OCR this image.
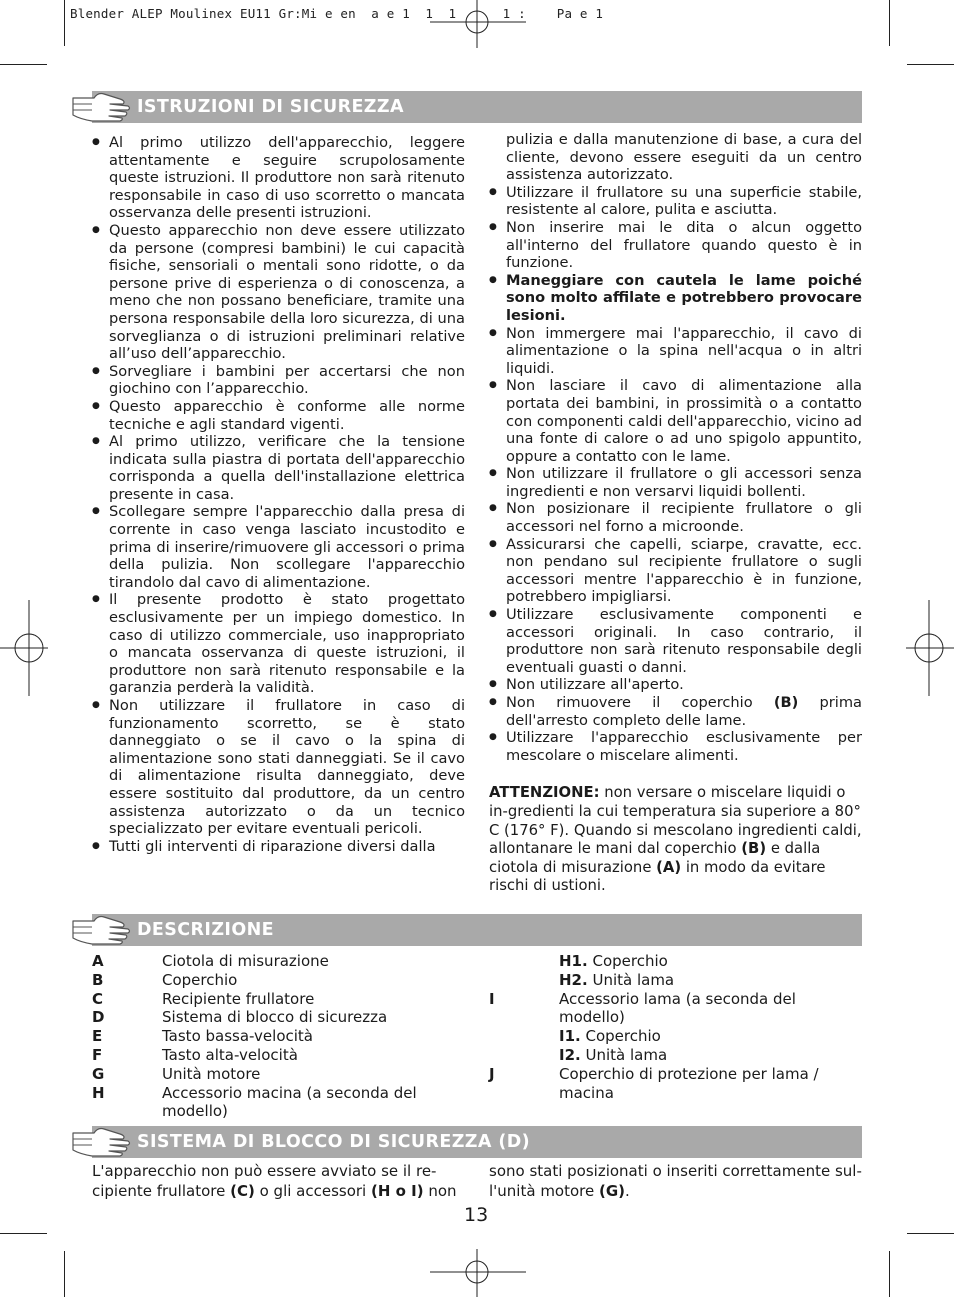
Blender ALEP Moulinex EU11 Gr:Mi e en  a e 1  1  1      1 :    Pa e 1
ISTRUZIONI DI SICUREZZA
● Al primo utilizzo dell'apparecchio, leggere attentamente e seguire scrupolosamente queste istruzioni. Il produttore non sarà ritenuto responsabile in caso di uso scorretto o mancata osservanza delle presenti istruzioni.
● Questo apparecchio non deve essere utilizzato da persone (compresi bambini) le cui capacità fisiche, sensoriali o mentali sono ridotte, o da persone prive di esperienza o di conoscenza, a meno che non possano beneficiare, tramite una persona responsabile della loro sicurezza, di una sorveglianza o di istruzioni preliminari relative all’uso dell’apparecchio.
● Sorvegliare i bambini per accertarsi che non giochino con l’apparecchio.
● Questo apparecchio è conforme alle norme tecniche e agli standard vigenti.
● Al primo utilizzo, verificare che la tensione indicata sulla piastra di portata dell'apparecchio corrisponda a quella dell'installazione elettrica presente in casa.
● Scollegare sempre l'apparecchio dalla presa di corrente in caso venga lasciato incustodito e prima di inserire/rimuovere gli accessori o prima della pulizia. Non scollegare l'apparecchio tirandolo dal cavo di alimentazione.
● Il presente prodotto è stato progettato esclusivamente per un impiego domestico. In caso di utilizzo commerciale, uso inappropriato o mancata osservanza di queste istruzioni, il produttore non sarà ritenuto responsabile e la garanzia perderà la validità.
● Non utilizzare il frullatore in caso di funzionamento scorretto, se è stato danneggiato o se il cavo o la spina di alimentazione sono stati danneggiati. Se il cavo di alimentazione risulta danneggiato, deve essere sostituito dal produttore, da un centro assistenza autorizzato o da un tecnico specializzato per evitare eventuali pericoli.
● Tutti gli interventi di riparazione diversi dalla

pulizia e dalla manutenzione di base, a cura del cliente, devono essere eseguiti da un centro assistenza autorizzato.

● Utilizzare il frullatore su una superficie stabile, resistente al calore, pulita e asciutta.
● Non inserire mai le dita o alcun oggetto all'interno del frullatore quando questo è in funzione.
● Maneggiare con cautela le lame poiché sono molto affilate e potrebbero provocare lesioni.
● Non immergere mai l'apparecchio, il cavo di alimentazione o la spina nell'acqua o in altri liquidi.
● Non lasciare il cavo di alimentazione alla portata dei bambini, in prossimità o a contatto con componenti caldi dell'apparecchio, vicino ad una fonte di calore o ad uno spigolo appuntito, oppure a contatto con le lame.
● Non utilizzare il frullatore o gli accessori senza ingredienti e non versarvi liquidi bollenti.
● Non posizionare il recipiente frullatore o gli accessori nel forno a microonde.
● Assicurarsi che capelli, sciarpe, cravatte, ecc. non pendano sul recipiente frullatore o sugli accessori mentre l'apparecchio è in funzione, potrebbero impigliarsi.
● Utilizzare esclusivamente componenti e accessori originali. In caso contrario, il produttore non sarà ritenuto responsabile degli eventuali guasti o danni.
● Non utilizzare all'aperto.
● Non rimuovere il coperchio (B) prima dell'arresto completo delle lame.
● Utilizzare l'apparecchio esclusivamente per mescolare o miscelare alimenti.

ATTENZIONE: non versare o miscelare liquidi o in-gredienti la cui temperatura sia superiore a 80° C (176° F). Quando si mescolano ingredienti caldi, allontanare le mani dal coperchio (B) e dalla ciotola di misurazione (A) in modo da evitare rischi di ustioni.

DESCRIZIONE
A	Ciotola di misurazione
B	Coperchio
C	Recipiente frullatore
D	Sistema di blocco di sicurezza
E	Tasto bassa-velocità
F	Tasto alta-velocità
G	Unità motore
H	Accessorio macina (a seconda del modello)
H1. Coperchio
H2. Unità lama
I	Accessorio lama (a seconda del modello)
I1. Coperchio
I2. Unità lama
J	Coperchio di protezione per lama / macina
SISTEMA DI BLOCCO DI SICUREZZA (D)
L'apparecchio non può essere avviato se il re-cipiente frullatore (C) o gli accessori (H o I) non
sono stati posizionati o inseriti correttamente sul-l'unità motore (G).
13
